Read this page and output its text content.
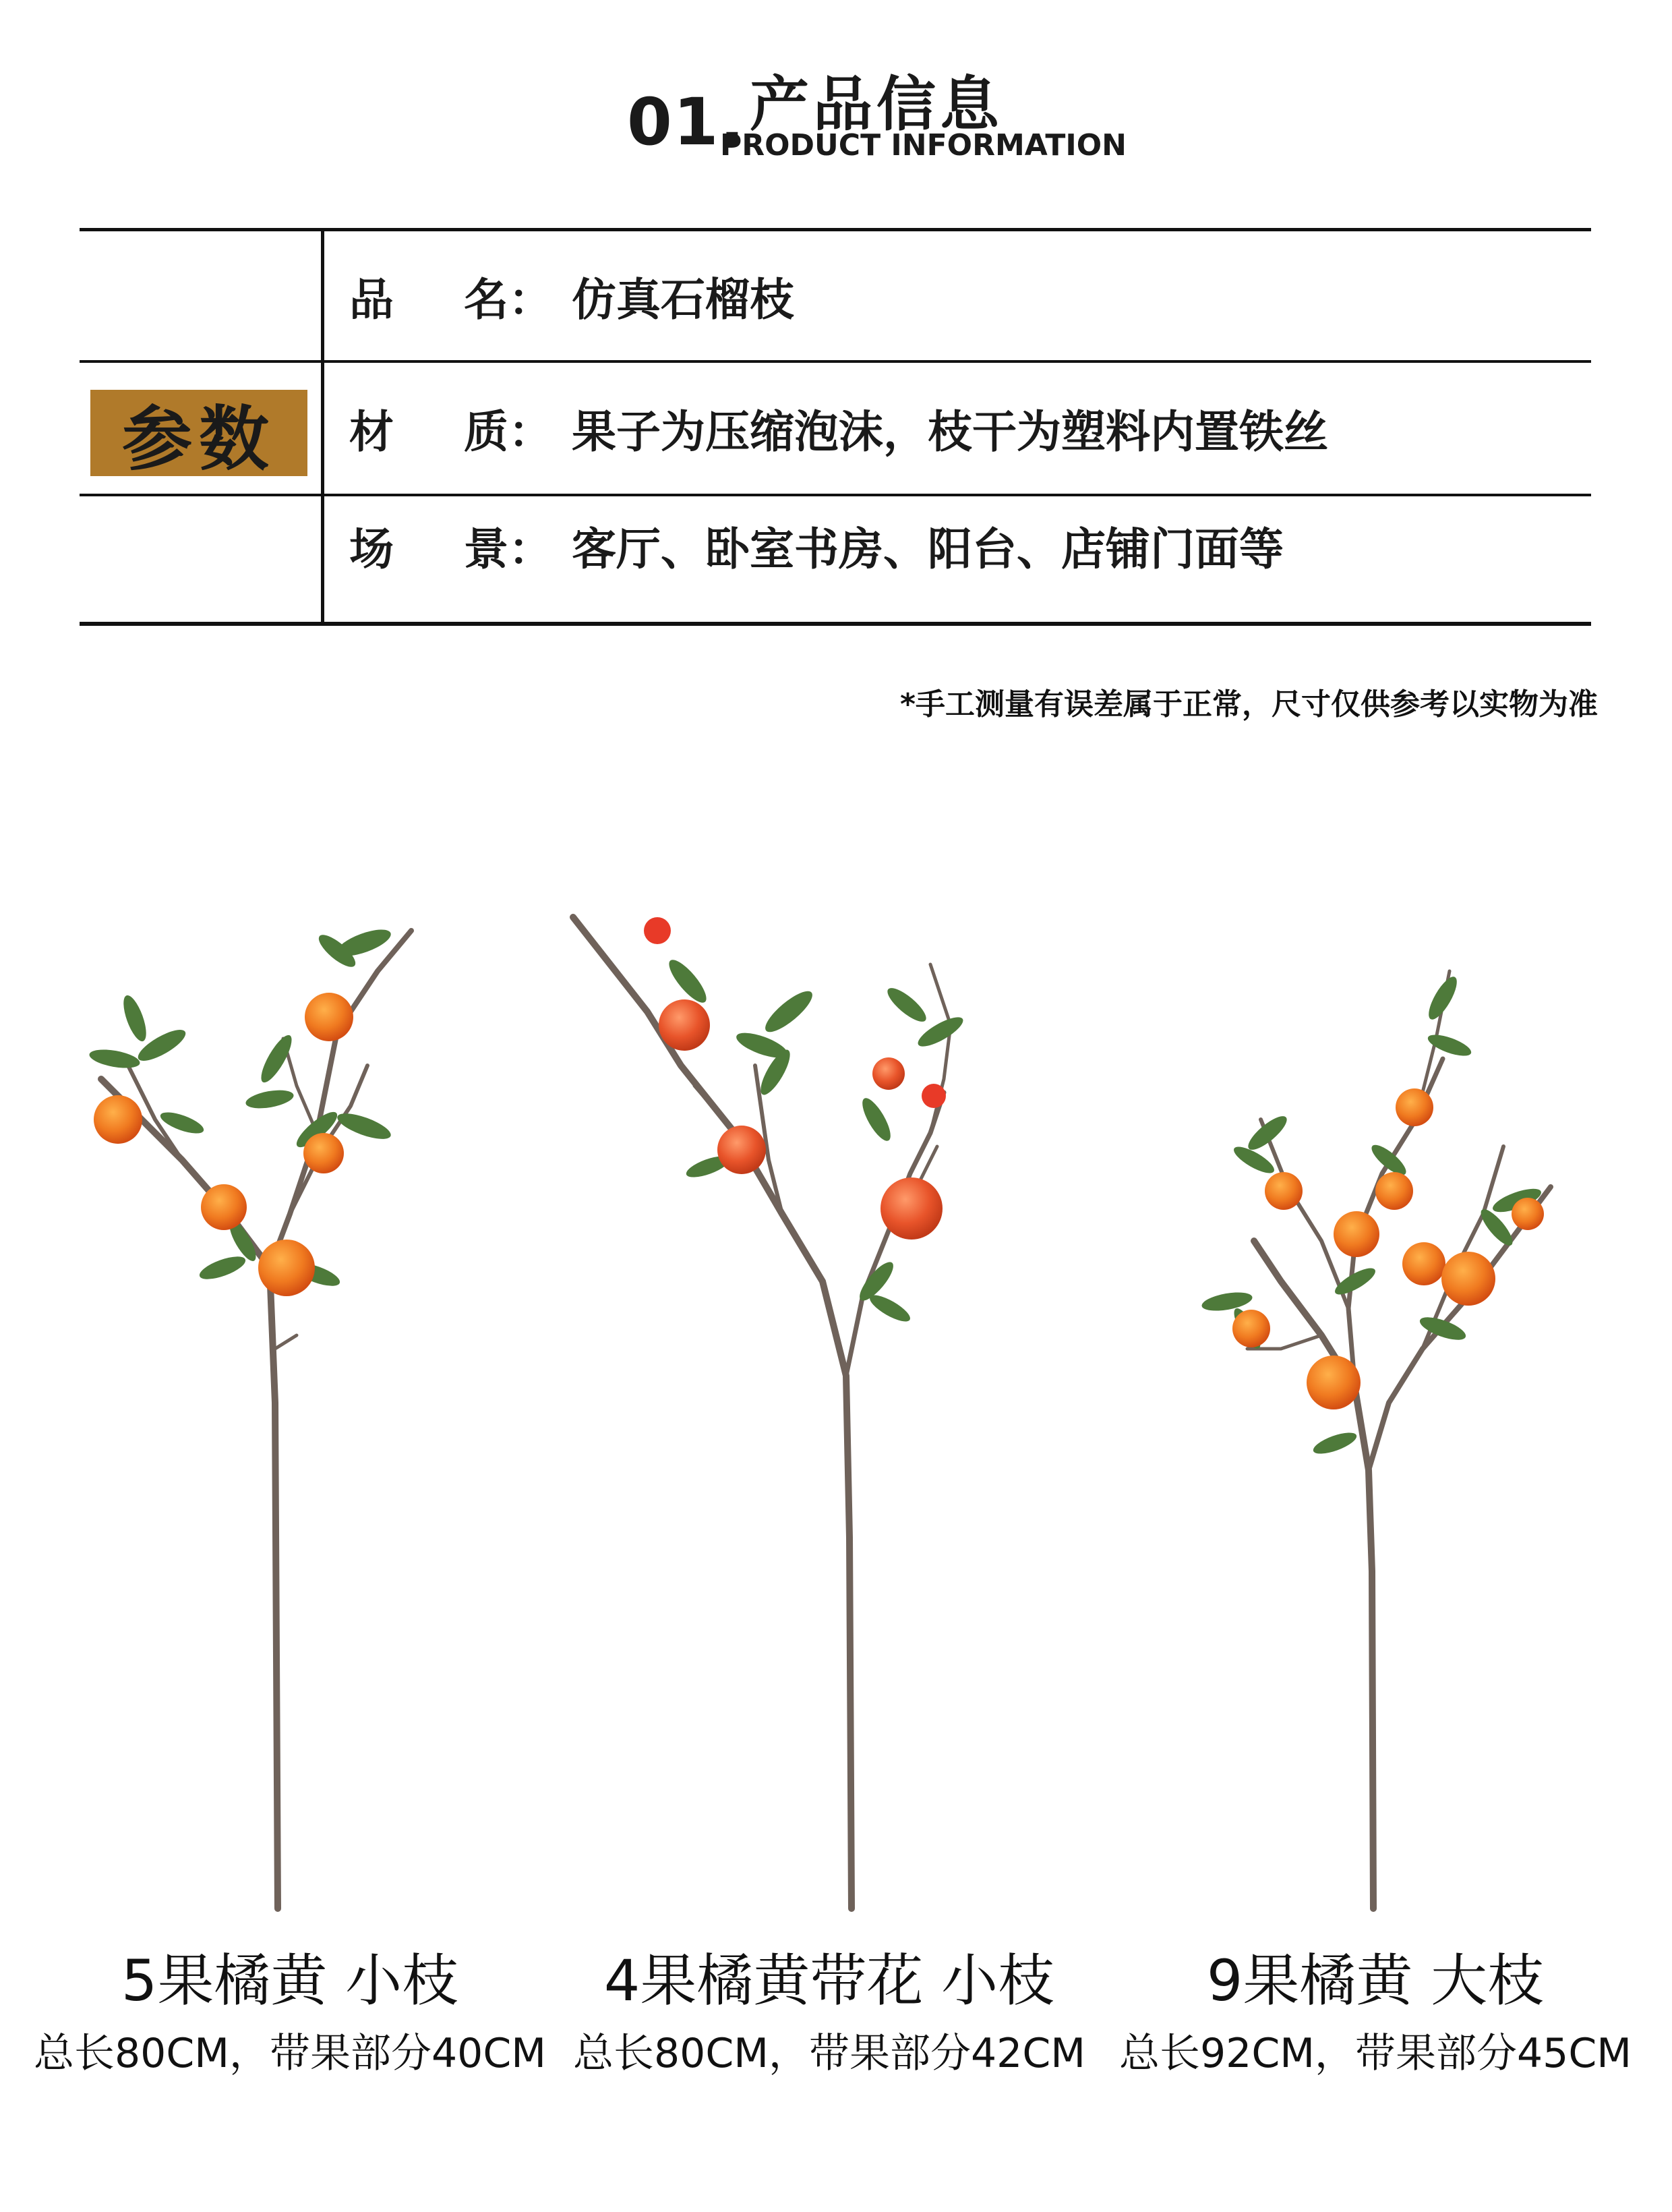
01. 产品信息
PRODUCT INFORMATION
参数
品 名： 仿真石榴枝
材 质： 果子为压缩泡沫，枝干为塑料内置铁丝
场 景： 客厅、卧室书房、阳台、店铺门面等
*手工测量有误差属于正常，尺寸仅供参考以实物为准
5果橘黄 小枝
总长80CM，带果部分40CM
4果橘黄带花 小枝
总长80CM，带果部分42CM
9果橘黄 大枝
总长92CM，带果部分45CM
